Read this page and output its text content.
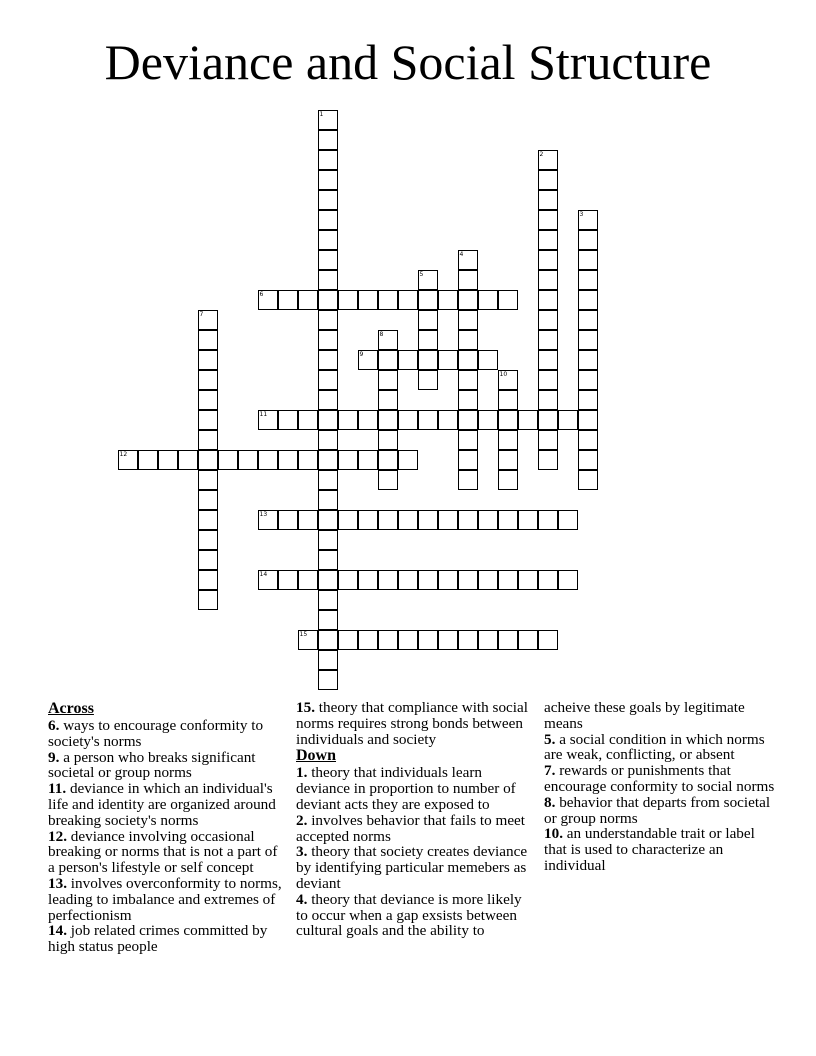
Deviance and Social Structure
1
2
3
4
5
6
7
8
9
10
11
12
13
14
15
Across
6. ways to encourage conformity to society's norms
9. a person who breaks significant societal or group norms
11. deviance in which an individual's life and identity are organized around breaking society's norms
12. deviance involving occasional breaking or norms that is not a part of a person's lifestyle or self concept
13. involves overconformity to norms, leading to imbalance and extremes of perfectionism
14. job related crimes committed by high status people
15. theory that compliance with social norms requires strong bonds between individuals and society
Down
1. theory that individuals learn deviance in proportion to number of deviant acts they are exposed to
2. involves behavior that fails to meet accepted norms
3. theory that society creates deviance by identifying particular memebers as deviant
4. theory that deviance is more likely to occur when a gap exsists between cultural goals and the ability to acheive these goals by legitimate means
5. a social condition in which norms are weak, conflicting, or absent
7. rewards or punishments that encourage conformity to social norms
8. behavior that departs from societal or group norms
10. an understandable trait or label that is used to characterize an individual
